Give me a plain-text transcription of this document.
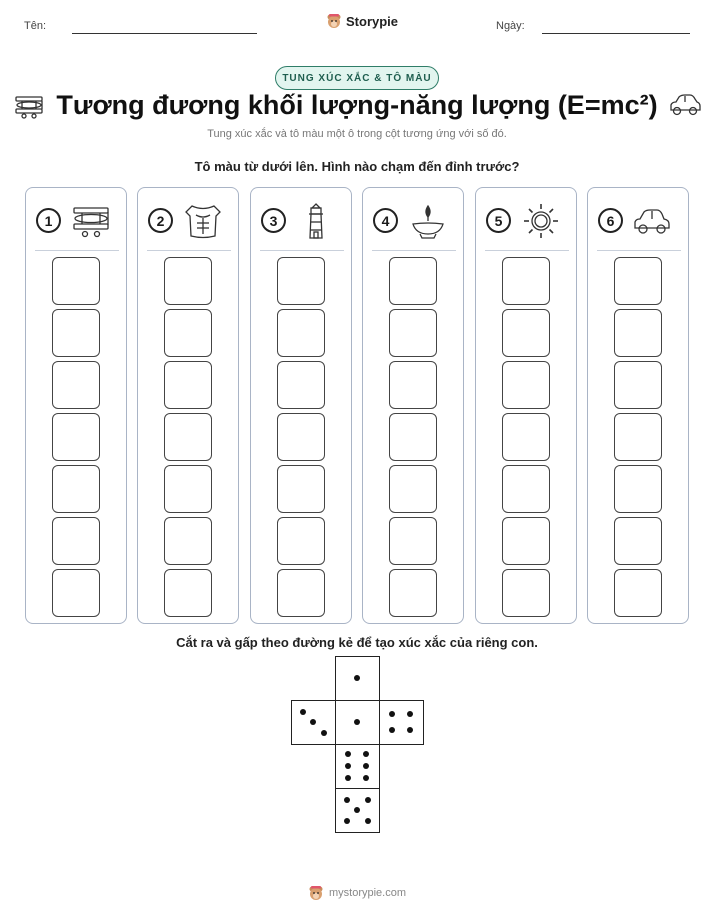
Tên:	Storypie	Ngày:
TUNG XÚC XẮC & TÔ MÀU
Tương đương khối lượng-năng lượng (E=mc²)
Tung xúc xắc và tô màu một ô trong cột tương ứng với số đó.
Tô màu từ dưới lên. Hình nào chạm đến đỉnh trước?
1	2	3	4	5	6
Cắt ra và gấp theo đường kẻ để tạo xúc xắc của riêng con.
mystorypie.com
